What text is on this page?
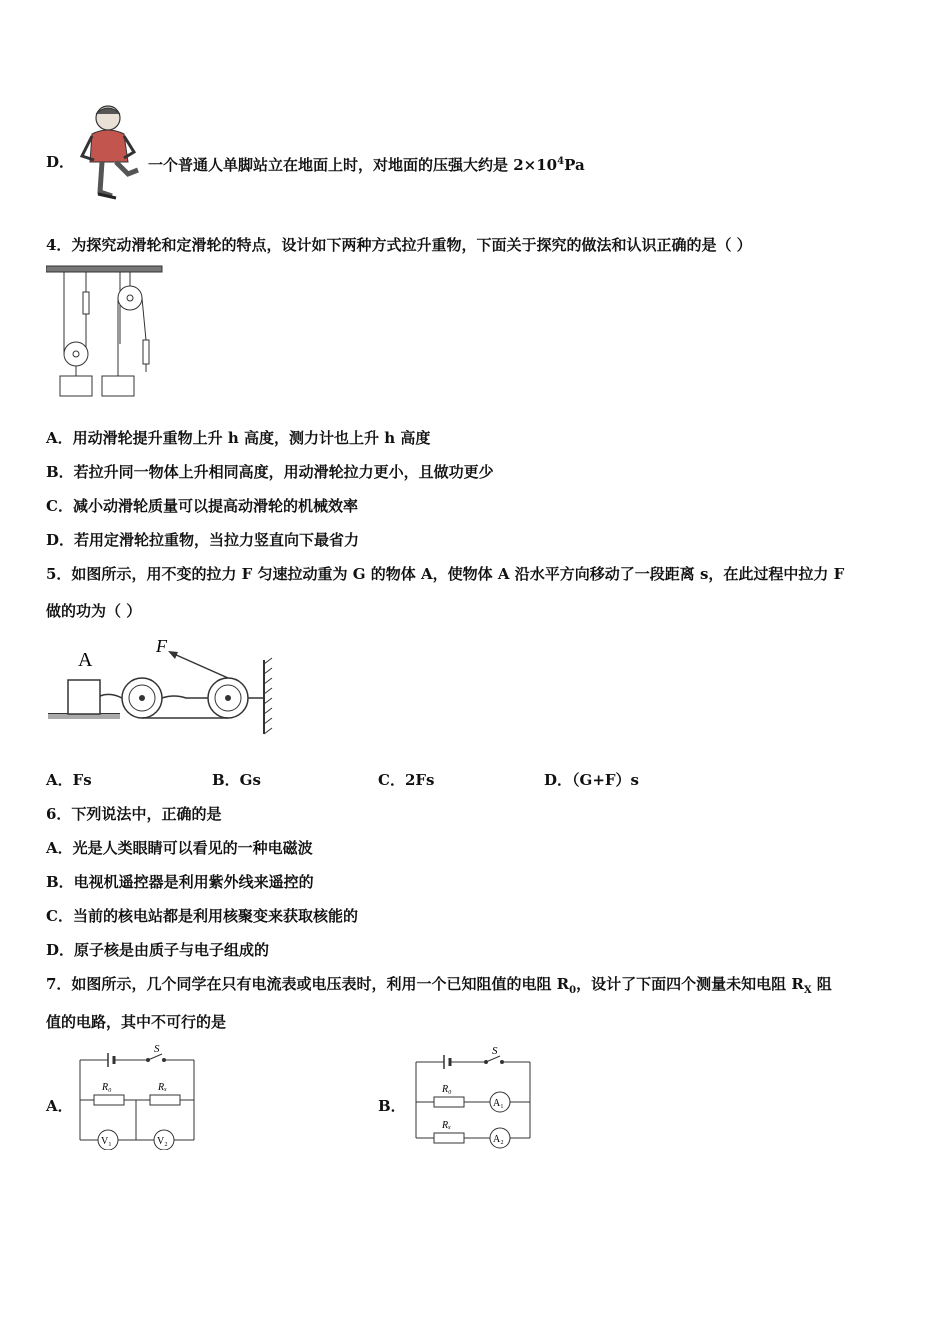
D．	一个普通人单脚站立在地面上时，对地面的压强大约是 $2\times 10^4Pa$
4．为探究动滑轮和定滑轮的特点，设计如下两种方式拉升重物，下面关于探究的做法和认识正确的是（ ）
A．用动滑轮提升重物上升 h 高度，测力计也上升 h 高度
B．若拉升同一物体上升相同高度，用动滑轮拉力更小，且做功更少
C．减小动滑轮质量可以提高动滑轮的机械效率
D．若用定滑轮拉重物，当拉力竖直向下最省力
5．如图所示，用不变的拉力 F 匀速拉动重为 G 的物体 A，使物体 A 沿水平方向移动了一段距离 s，在此过程中拉力 F
做的功为（ ）
A
F
A．Fs	B．Gs	C．2Fs	D．（G+F）s
6．下列说法中，正确的是
A．光是人类眼睛可以看见的一种电磁波
B．电视机遥控器是利用紫外线来遥控的
C．当前的核电站都是利用核聚变来获取核能的
D．原子核是由质子与电子组成的
7．如图所示，几个同学在只有电流表或电压表时，利用一个已知阻值的电阻 $R_0$，设计了下面四个测量未知电阻 $R_X$ 阻
值的电路，其中不可行的是
A．
S
R₀	Rₓ
V₁	V₂
B．
S
R₀
A₁
Rₓ
A₂
